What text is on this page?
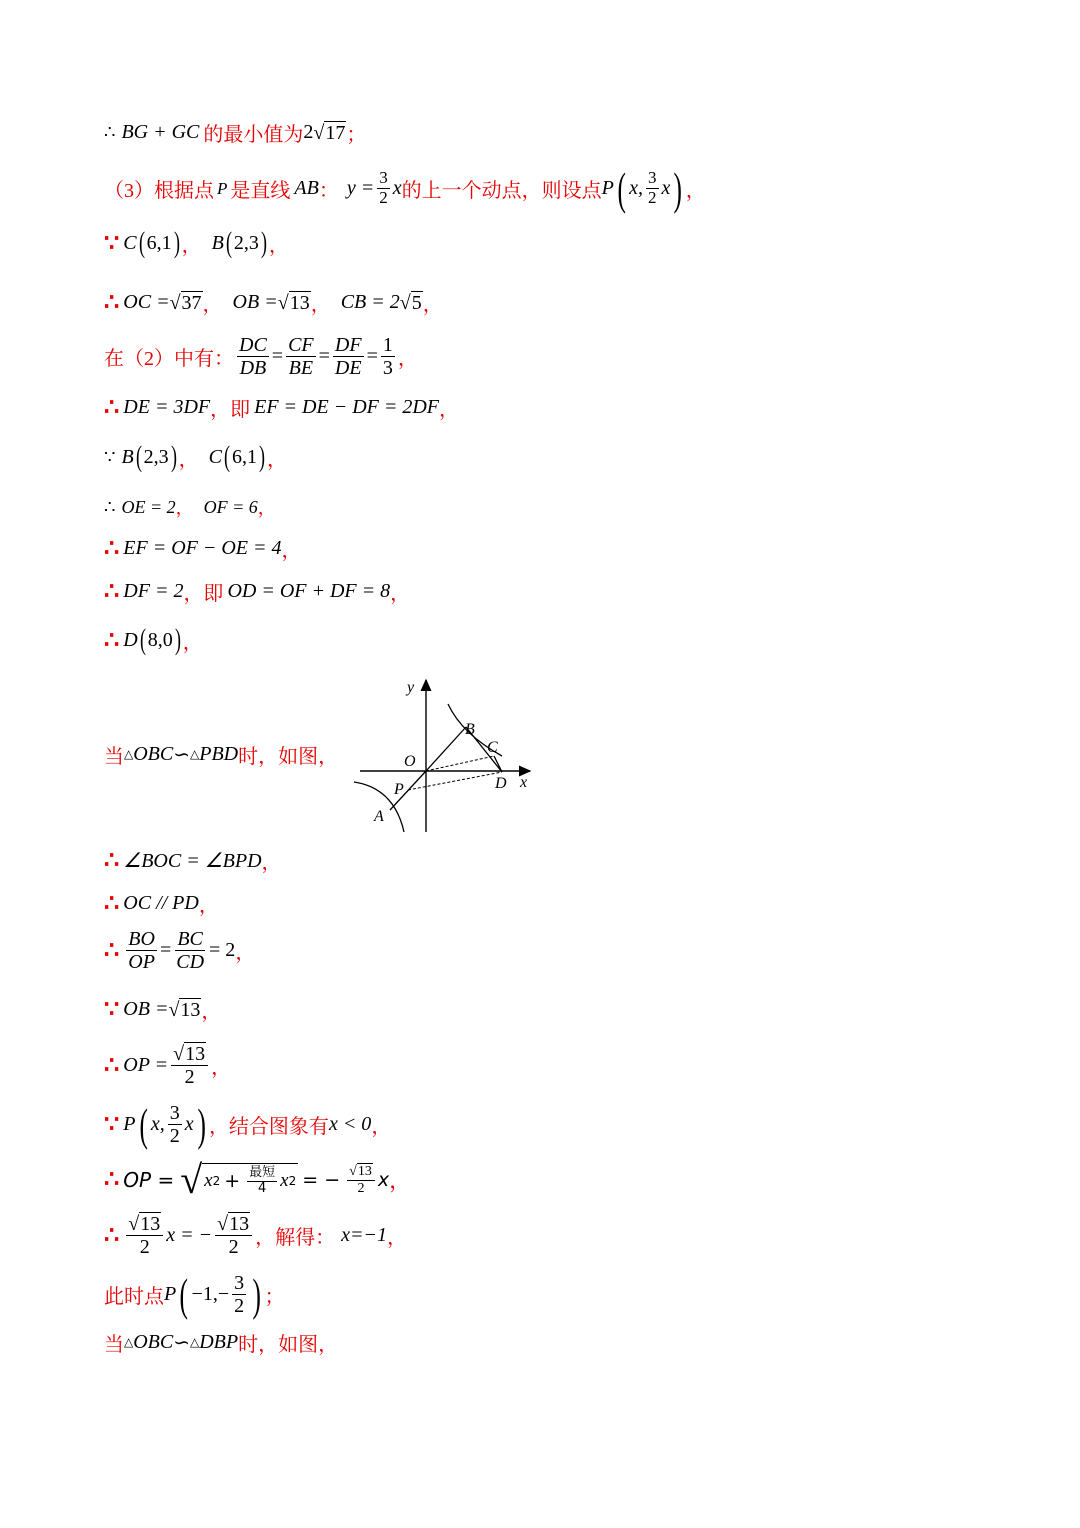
∴ BG + GC 的最小值为 2 √ 17 ；
（3）根据点 P 是直线 AB ： $y = \frac{3}{2}$ x 的上一个动点，则设点 P ( x, $\frac{3}{2}$ x ) ，
∵ C ( 6,1 ) ， B ( 2,3 ) ，
∴ OC = √ 37 ， OB = √ 13 ， CB = 2 √ 5 ，
在（2）中有： $\frac{DC}{DB} = \frac{CF}{BE} = \frac{DF}{DE} = \frac{1}{3}$ ，
∴ DE = 3DF ，即 EF = DE − DF = 2DF ，
∵ B ( 2,3 ) ， C ( 6,1 ) ，
∴ OE = 2 ， OF = 6 ，
∴ EF = OF − OE = 4 ，
∴ DF = 2 ，即 OD = OF + DF = 8 ，
∴ D ( 8,0 ) ，
当 △ OBC ∽ △ PBD 时，如图，
y
x
O
B
C
D
P
A
∴ ∠BOC = ∠BPD ，
∴ OC // PD ，
∴ $\frac{BO}{OP} = \frac{BC}{CD} = 2$ ，
∵ OB = √ 13 ，
∴ OP = $\frac{√ 13}{2}$ ，
∵ P ( x, $\frac{3}{2}$ x ) ，结合图象有 x < 0 ，
∴ OP = √ x $2 + \frac{\text{最短}}{4}$ x 2 = − $\frac{√ 13}{2}$ x ，
∴ $\frac{√ 13}{2}$ x = − $\frac{√ 13}{2}$ ，解得： x=−1 ，
此时点 P ( $-1,- \frac{3}{2}$ ) ；
当 △ OBC ∽ △ DBP 时，如图，
